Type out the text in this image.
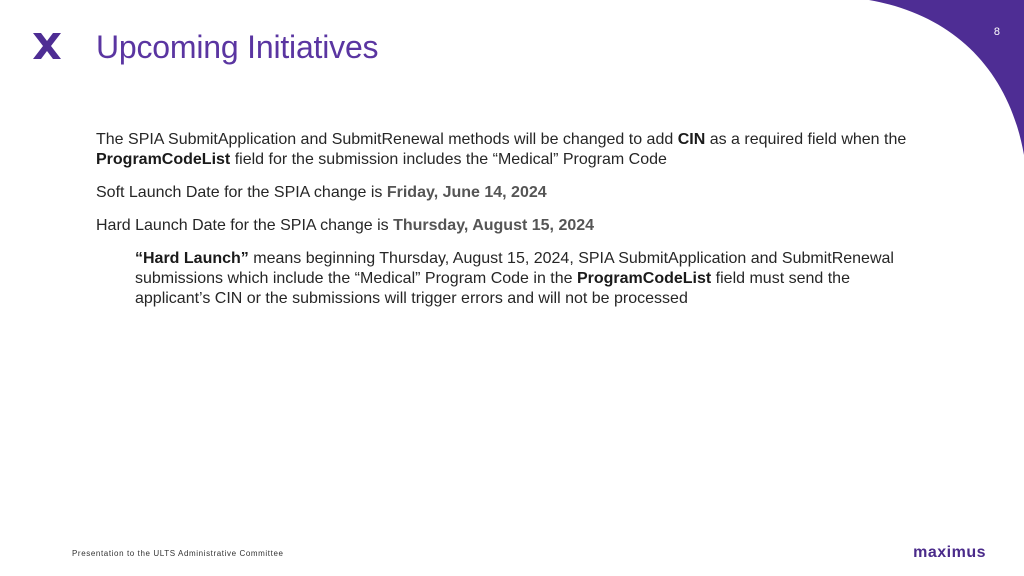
8
Upcoming Initiatives

The SPIA SubmitApplication and SubmitRenewal methods will be changed to add CIN as a required field when the ProgramCodeList field for the submission includes the “Medical” Program Code

Soft Launch Date for the SPIA change is Friday, June 14, 2024

Hard Launch Date for the SPIA change is Thursday, August 15, 2024

“Hard Launch” means beginning Thursday, August 15, 2024, SPIA SubmitApplication and SubmitRenewal submissions which include the “Medical” Program Code in the ProgramCodeList field must send the applicant’s CIN or the submissions will trigger errors and will not be processed

Presentation to the ULTS Administrative Committee	maximus
